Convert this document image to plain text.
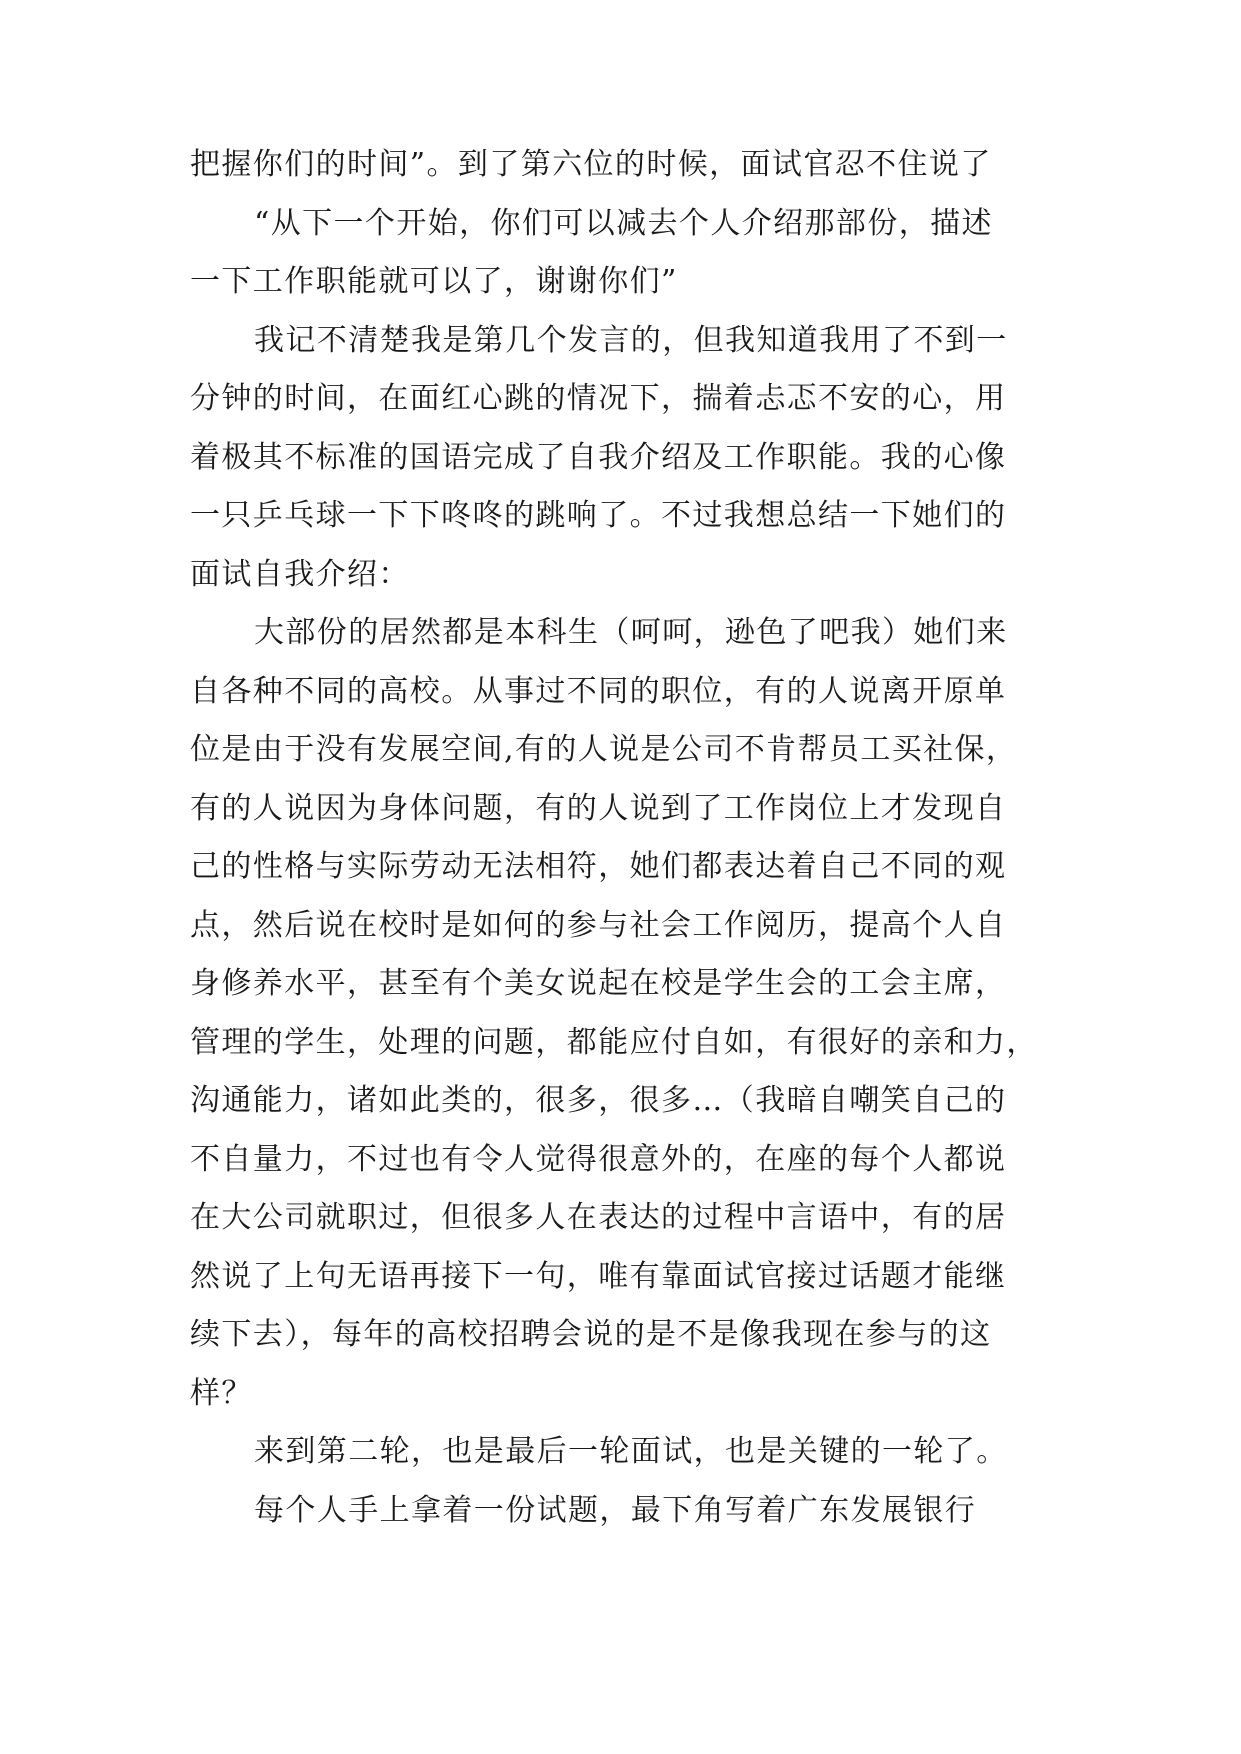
把握你们的时间”。到了第六位的时候，面试官忍不住说了
“从下一个开始，你们可以减去个人介绍那部份，描述
一下工作职能就可以了，谢谢你们”
我记不清楚我是第几个发言的，但我知道我用了不到一
分钟的时间，在面红心跳的情况下，揣着忐忑不安的心，用
着极其不标准的国语完成了自我介绍及工作职能。我的心像
一只乒乓球一下下咚咚的跳响了。不过我想总结一下她们的
面试自我介绍：
大部份的居然都是本科生（呵呵，逊色了吧我）她们来
自各种不同的高校。从事过不同的职位，有的人说离开原单
位是由于没有发展空间,有的人说是公司不肯帮员工买社保，
有的人说因为身体问题，有的人说到了工作岗位上才发现自
己的性格与实际劳动无法相符，她们都表达着自己不同的观
点，然后说在校时是如何的参与社会工作阅历，提高个人自
身修养水平，甚至有个美女说起在校是学生会的工会主席，
管理的学生，处理的问题，都能应付自如，有很好的亲和力，
沟通能力，诸如此类的，很多，很多…（我暗自嘲笑自己的
不自量力，不过也有令人觉得很意外的，在座的每个人都说
在大公司就职过，但很多人在表达的过程中言语中，有的居
然说了上句无语再接下一句，唯有靠面试官接过话题才能继
续下去），每年的高校招聘会说的是不是像我现在参与的这
样？
来到第二轮，也是最后一轮面试，也是关键的一轮了。
每个人手上拿着一份试题，最下角写着广东发展银行
